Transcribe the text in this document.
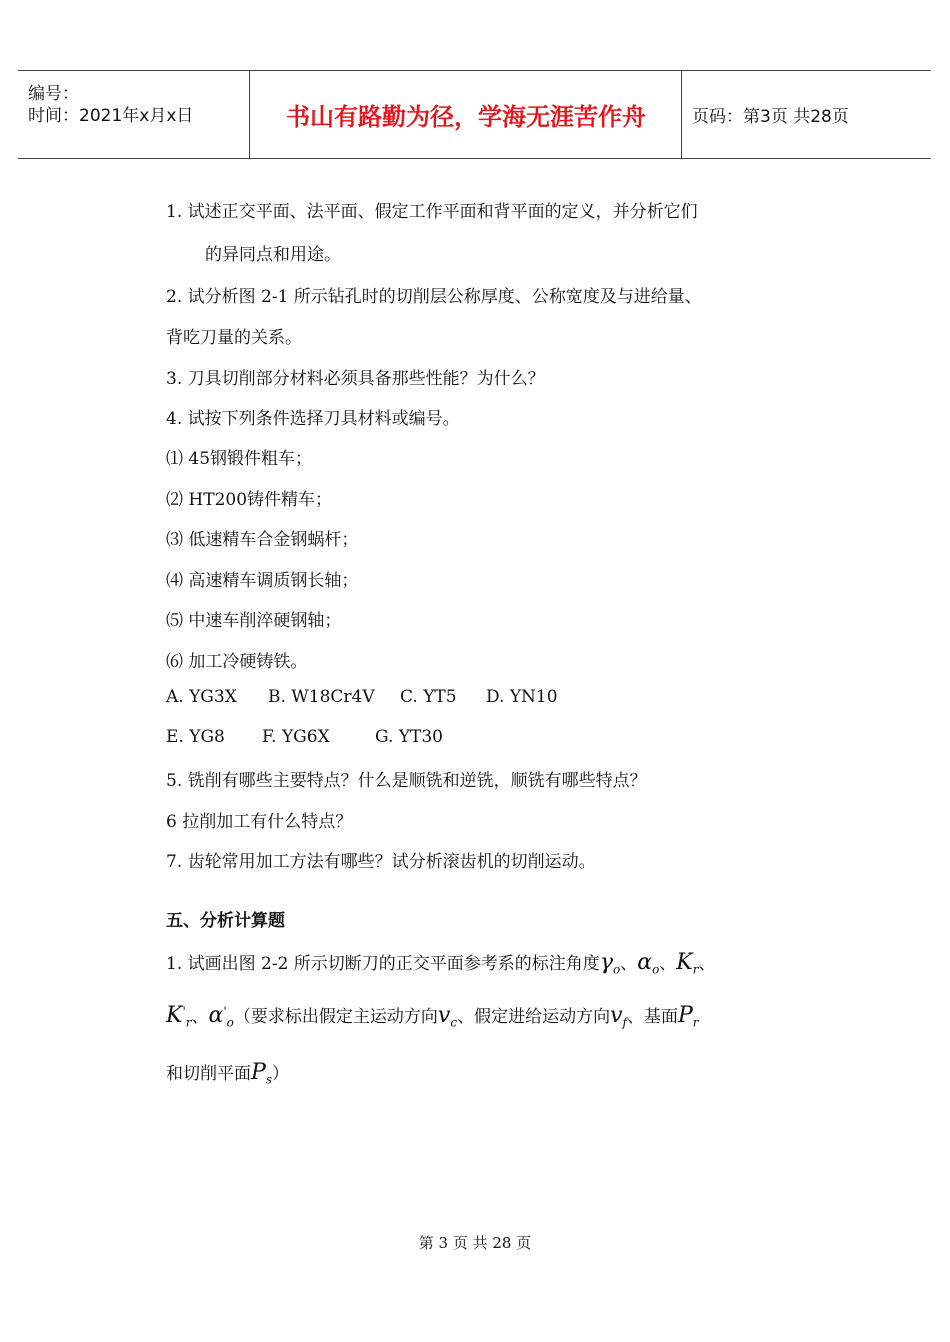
编号：
时间：2021年x月x日	书山有路勤为径，学海无涯苦作舟	页码：第3页 共28页
1. 试述正交平面、法平面、假定工作平面和背平面的定义，并分析它们
的异同点和用途。
2. 试分析图 2-1 所示钻孔时的切削层公称厚度、公称宽度及与进给量、
背吃刀量的关系。
3. 刀具切削部分材料必须具备那些性能？为什么？
4. 试按下列条件选择刀具材料或编号。
⑴ 45钢锻件粗车；
⑵ HT200铸件精车；
⑶ 低速精车合金钢蜗杆；
⑷ 高速精车调质钢长轴；
⑸ 中速车削淬硬钢轴；
⑹ 加工冷硬铸铁。
A. YG3X B. W18Cr4V C. YT5 D. YN10
E. YG8 F. YG6X	G. YT30
5. 铣削有哪些主要特点？什么是顺铣和逆铣，顺铣有哪些特点？
6 拉削加工有什么特点？
7. 齿轮常用加工方法有哪些？试分析滚齿机的切削运动。
五、分析计算题
1. 试画出图 2-2 所示切断刀的正交平面参考系的标注角度$\gamma_o$、$\alpha_o$、$K_r$、
$K'_r$、$\alpha'_o$（要求标出假定主运动方向$v_c$、假定进给运动方向$v_f$、基面$P_r$
和切削平面$P_s$）
第 3 页 共 28 页
